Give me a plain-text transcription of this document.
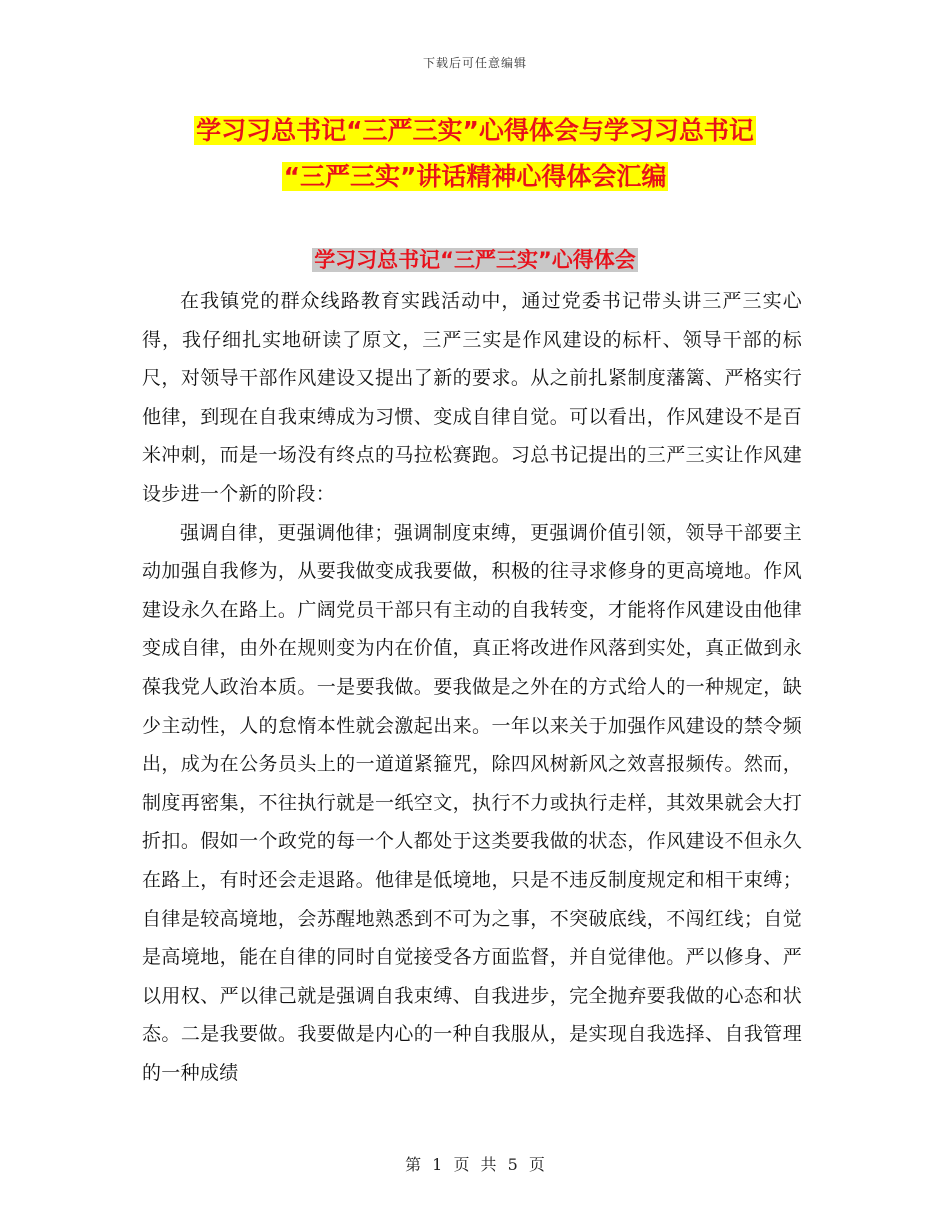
下载后可任意编辑
学习习总书记“三严三实”心得体会与学习习总书记
“三严三实”讲话精神心得体会汇编
学习习总书记“三严三实”心得体会

在我镇党的群众线路教育实践活动中，通过党委书记带头讲三严三实心得，我仔细扎实地研读了原文，三严三实是作风建设的标杆、领导干部的标尺，对领导干部作风建设又提出了新的要求。从之前扎紧制度藩篱、严格实行他律，到现在自我束缚成为习惯、变成自律自觉。可以看出，作风建设不是百米冲刺，而是一场没有终点的马拉松赛跑。习总书记提出的三严三实让作风建设步进一个新的阶段：

强调自律，更强调他律；强调制度束缚，更强调价值引领，领导干部要主动加强自我修为，从要我做变成我要做，积极的往寻求修身的更高境地。作风建设永久在路上。广阔党员干部只有主动的自我转变，才能将作风建设由他律变成自律，由外在规则变为内在价值，真正将改进作风落到实处，真正做到永葆我党人政治本质。一是要我做。要我做是之外在的方式给人的一种规定，缺少主动性，人的怠惰本性就会激起出来。一年以来关于加强作风建设的禁令频出，成为在公务员头上的一道道紧箍咒，除四风树新风之效喜报频传。然而，制度再密集，不往执行就是一纸空文，执行不力或执行走样，其效果就会大打折扣。假如一个政党的每一个人都处于这类要我做的状态，作风建设不但永久在路上，有时还会走退路。他律是低境地，只是不违反制度规定和相干束缚；自律是较高境地，会苏醒地熟悉到不可为之事，不突破底线，不闯红线；自觉是高境地，能在自律的同时自觉接受各方面监督，并自觉律他。严以修身、严以用权、严以律己就是强调自我束缚、自我进步，完全抛弃要我做的心态和状态。二是我要做。我要做是内心的一种自我服从，是实现自我选择、自我管理的一种成绩

第 1 页 共 5 页
